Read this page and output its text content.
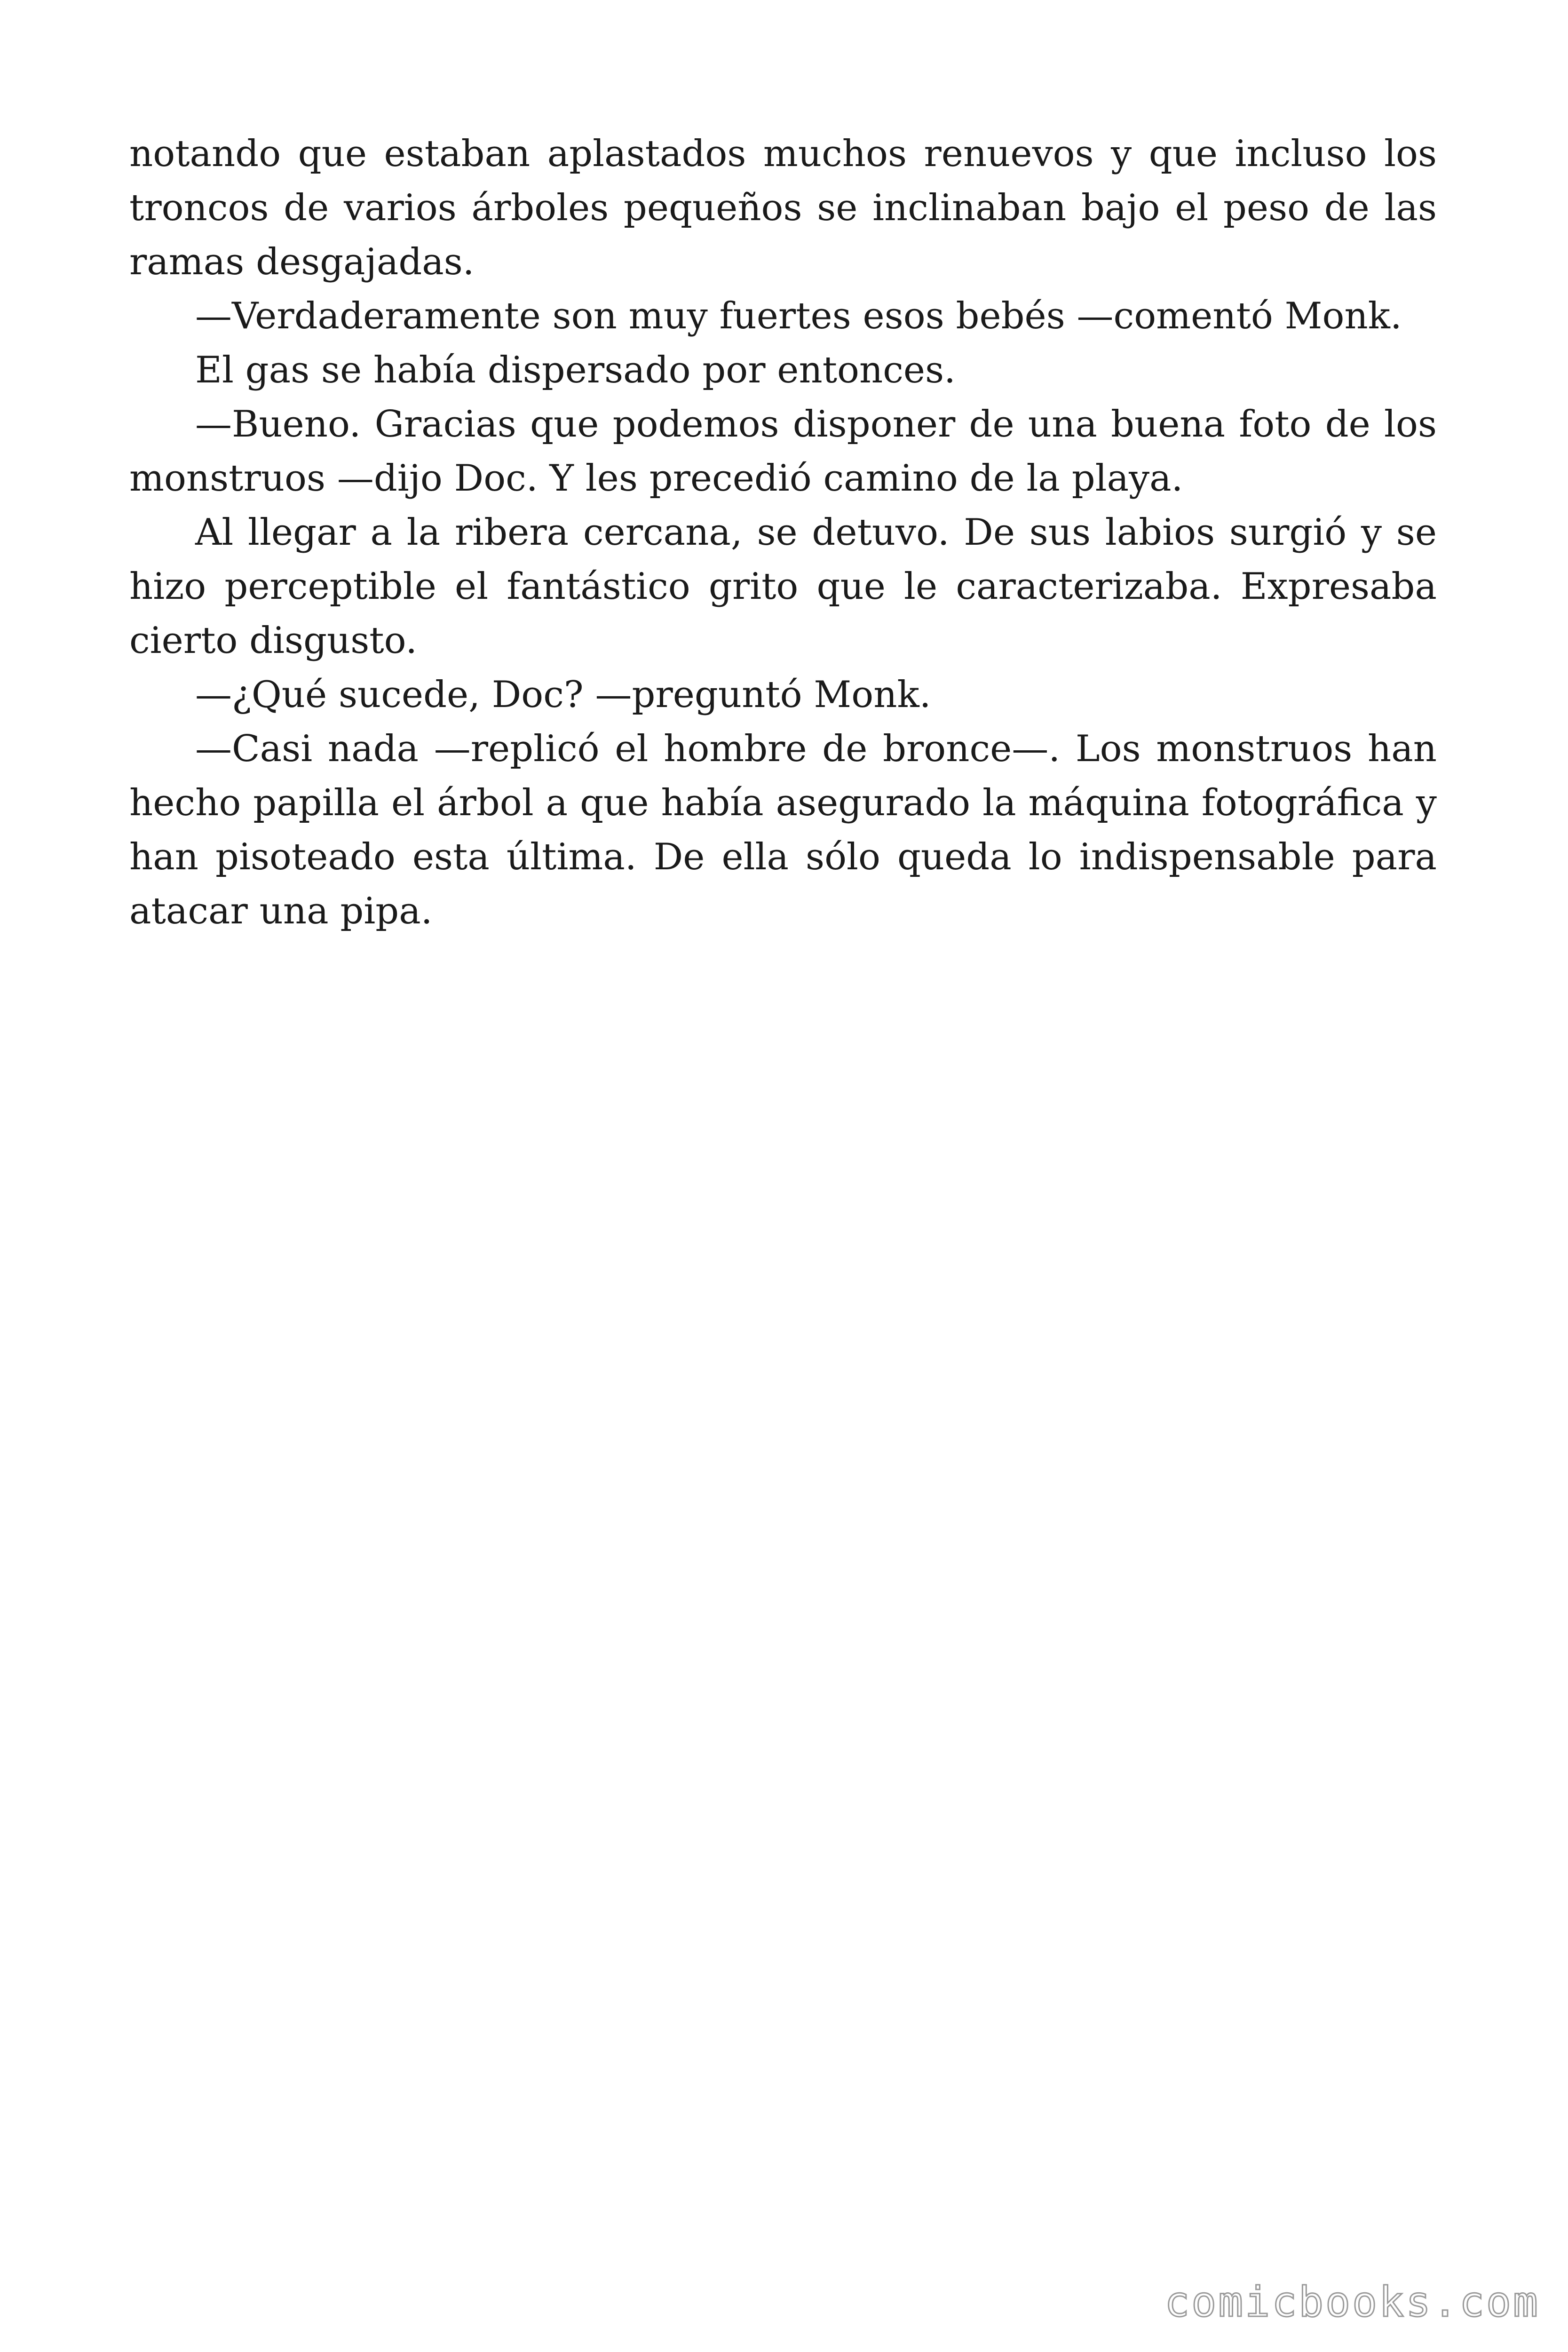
notando que estaban aplastados muchos renuevos y que incluso los troncos de varios árboles pequeños se inclinaban bajo el peso de las ramas desgajadas.

—Verdaderamente son muy fuertes esos bebés —comentó Monk.

El gas se había dispersado por entonces.

—Bueno. Gracias que podemos disponer de una buena foto de los monstruos —dijo Doc. Y les precedió camino de la playa.

Al llegar a la ribera cercana, se detuvo. De sus labios surgió y se hizo perceptible el fantástico grito que le caracterizaba. Expresaba cierto disgusto.

—¿Qué sucede, Doc? —preguntó Monk.

—Casi nada —replicó el hombre de bronce—. Los monstruos han hecho papilla el árbol a que había asegurado la máquina fotográfica y han pisoteado esta última. De ella sólo queda lo indispensable para atacar una pipa.

comicbooks.com
